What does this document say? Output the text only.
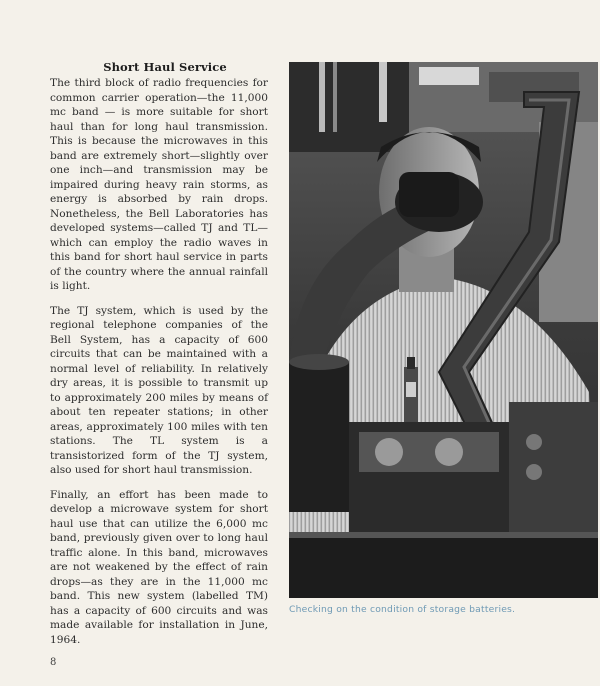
Short Haul Service

The third block of radio frequencies for common carrier operation—the 11,000 mc band — is more suitable for short haul than for long haul transmission. This is because the microwaves in this band are extremely short—slightly over one inch—and transmission may be impaired during heavy rain storms, as energy is absorbed by rain drops. Nonetheless, the Bell Laboratories has developed systems—called TJ and TL—which can employ the radio waves in this band for short haul service in parts of the country where the annual rainfall is light.

The TJ system, which is used by the regional telephone companies of the Bell System, has a capacity of 600 circuits that can be maintained with a normal level of reliability. In relatively dry areas, it is possible to transmit up to approximately 200 miles by means of about ten repeater stations; in other areas, approximately 100 miles with ten stations. The TL system is a transistorized form of the TJ system, also used for short haul transmission.

Finally, an effort has been made to develop a microwave system for short haul use that can utilize the 6,000 mc band, previously given over to long haul traffic alone. In this band, microwaves are not weakened by the effect of rain drops—as they are in the 11,000 mc band. This new system (labelled TM) has a capacity of 600 circuits and was made available for installation in June, 1964.

Checking on the condition of storage batteries.
8
